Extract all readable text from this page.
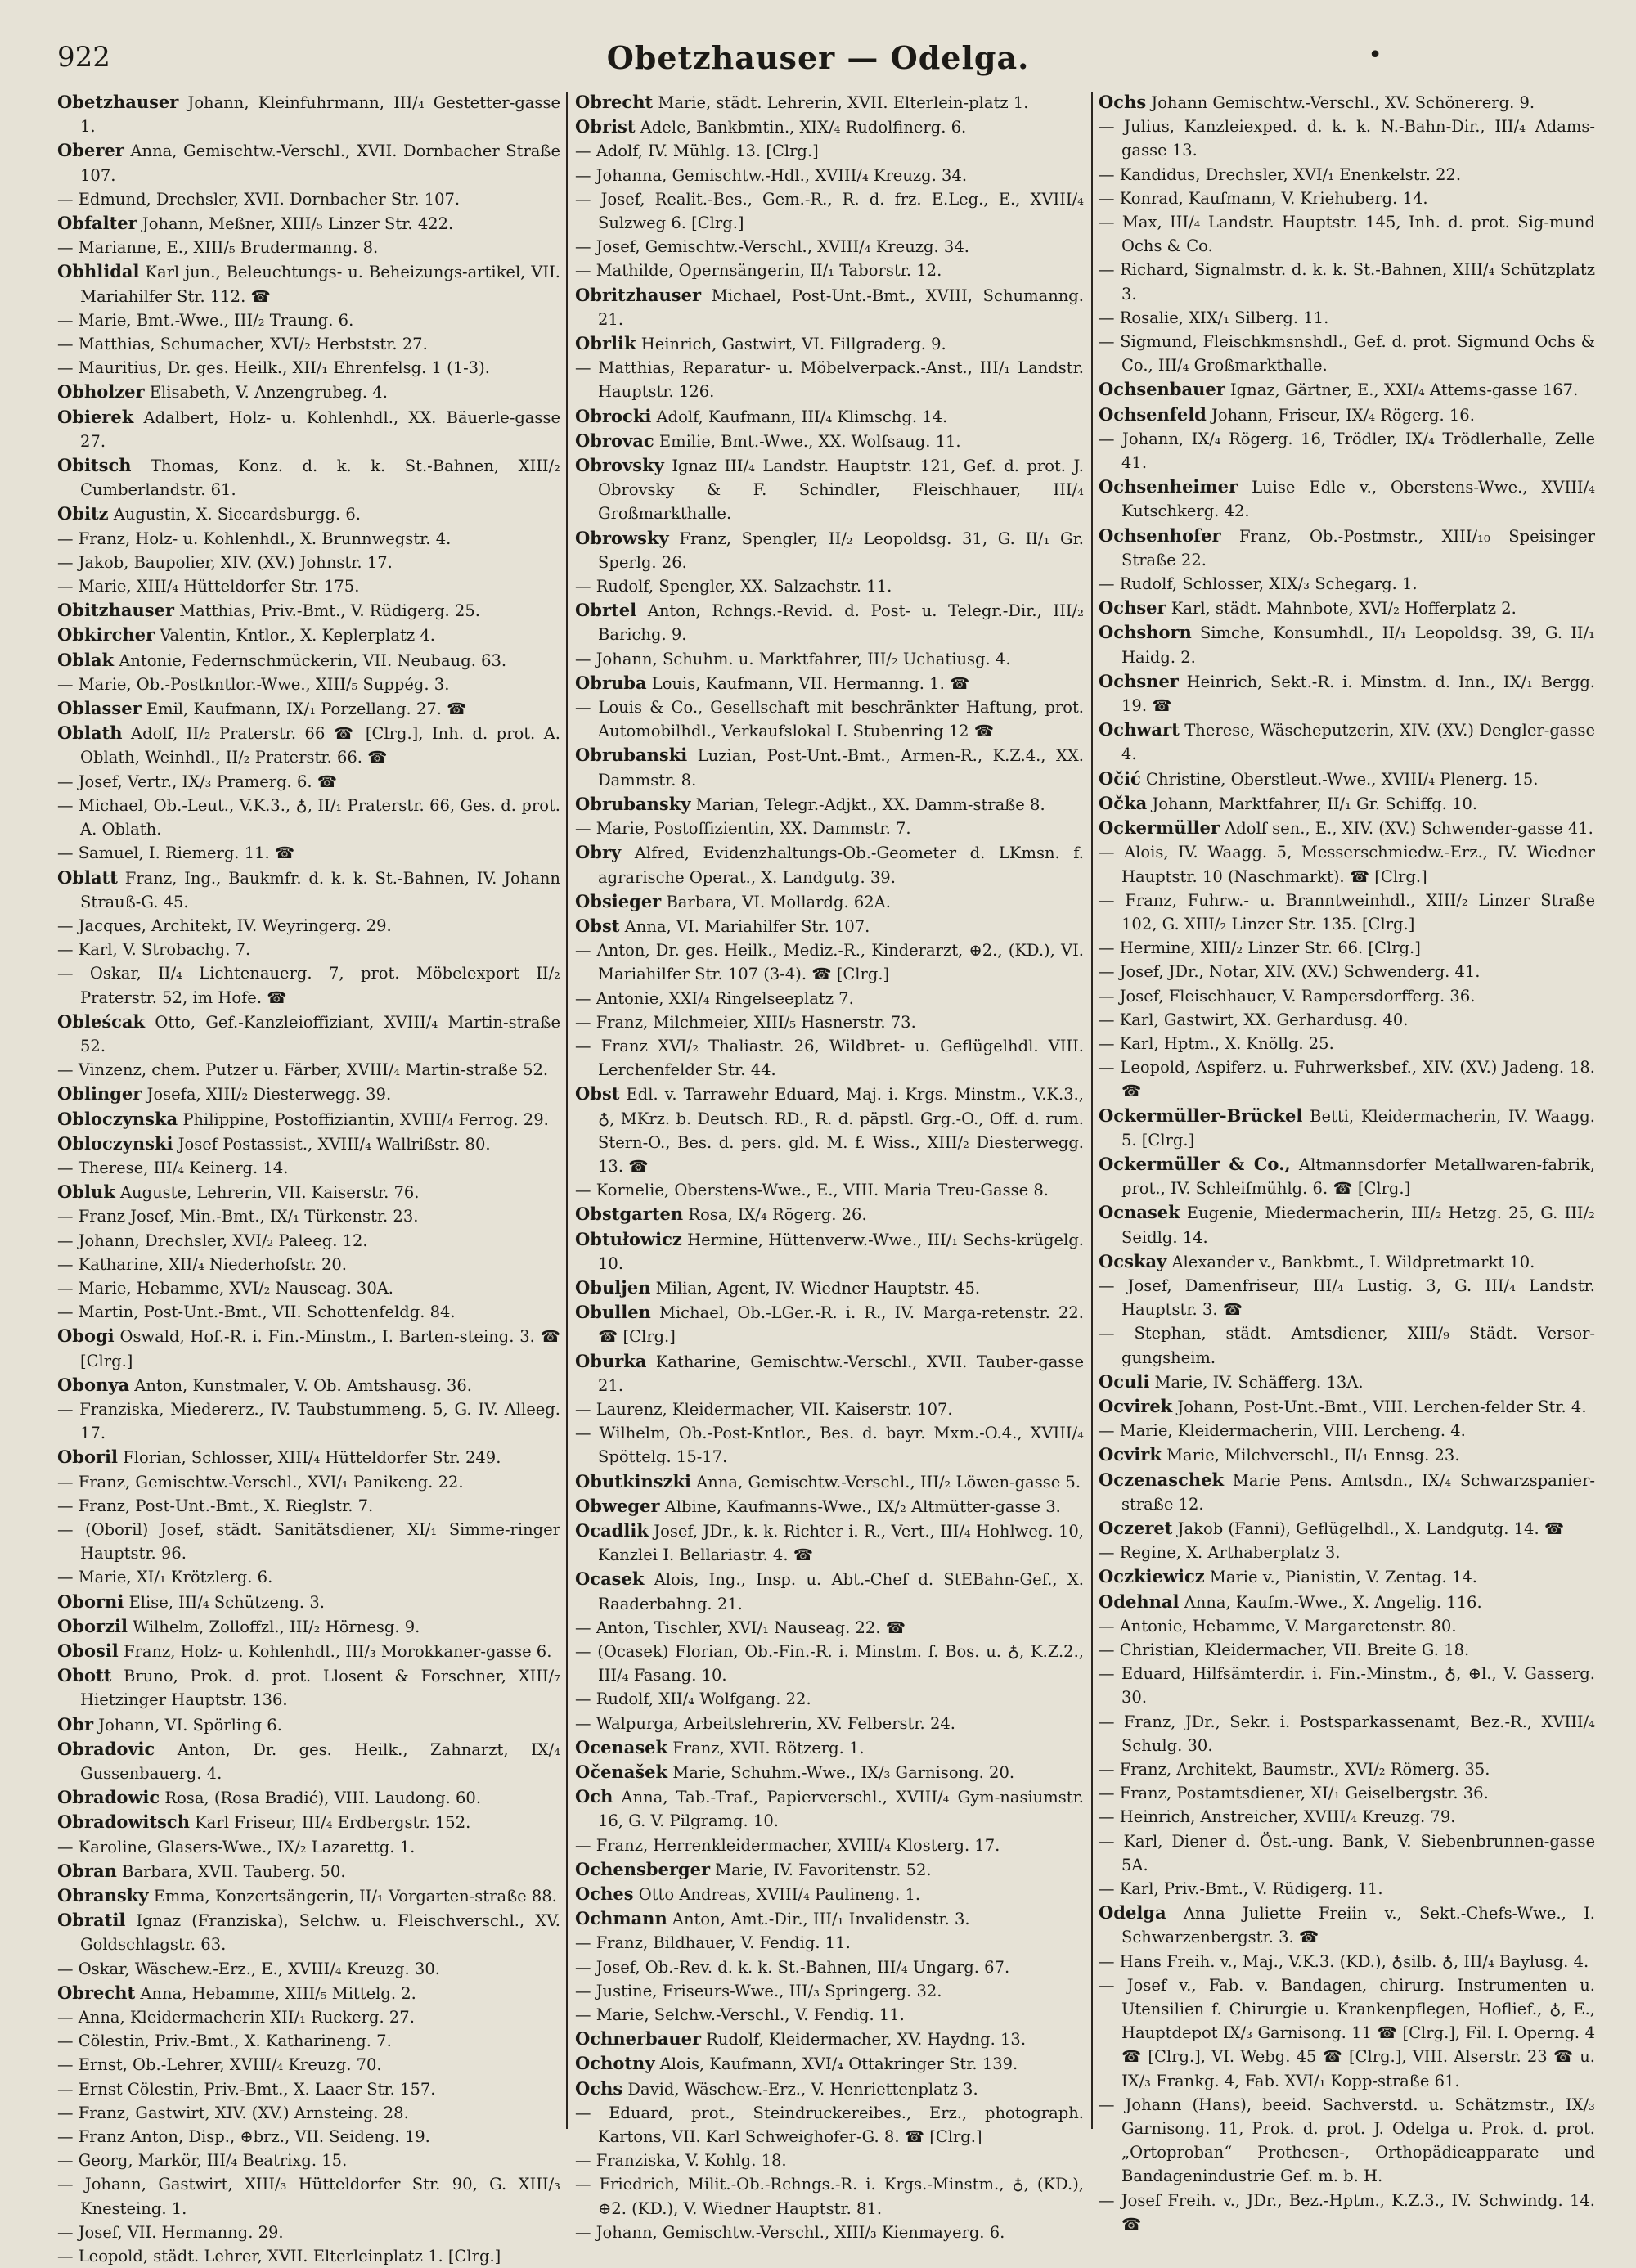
922	Obetzhauser — Odelga.	•
Obetzhauser Johann, Kleinfuhrmann, III/₄ Gestetter-gasse 1.
Oberer Anna, Gemischtw.-Verschl., XVII. Dornbacher Straße 107.
— Edmund, Drechsler, XVII. Dornbacher Str. 107.
Obfalter Johann, Meßner, XIII/₅ Linzer Str. 422.
— Marianne, E., XIII/₅ Brudermanng. 8.
Obhlidal Karl jun., Beleuchtungs- u. Beheizungs-artikel, VII. Mariahilfer Str. 112. ☎
— Marie, Bmt.-Wwe., III/₂ Traung. 6.
— Matthias, Schumacher, XVI/₂ Herbststr. 27.
— Mauritius, Dr. ges. Heilk., XII/₁ Ehrenfelsg. 1 (1-3).
Obholzer Elisabeth, V. Anzengrubeg. 4.
Obierek Adalbert, Holz- u. Kohlenhdl., XX. Bäuerle-gasse 27.
Obitsch Thomas, Konz. d. k. k. St.-Bahnen, XIII/₂ Cumberlandstr. 61.
Obitz Augustin, X. Siccardsburgg. 6.
— Franz, Holz- u. Kohlenhdl., X. Brunnwegstr. 4.
— Jakob, Baupolier, XIV. (XV.) Johnstr. 17.
— Marie, XIII/₄ Hütteldorfer Str. 175.
Obitzhauser Matthias, Priv.-Bmt., V. Rüdigerg. 25.
Obkircher Valentin, Kntlor., X. Keplerplatz 4.
Oblak Antonie, Federnschmückerin, VII. Neubaug. 63.
— Marie, Ob.-Postkntlor.-Wwe., XIII/₅ Suppég. 3.
Oblasser Emil, Kaufmann, IX/₁ Porzellang. 27. ☎
Oblath Adolf, II/₂ Praterstr. 66 ☎ [Clrg.], Inh. d. prot. A. Oblath, Weinhdl., II/₂ Praterstr. 66. ☎
— Josef, Vertr., IX/₃ Pramerg. 6. ☎
— Michael, Ob.-Leut., V.K.3., ♁, II/₁ Praterstr. 66, Ges. d. prot. A. Oblath.
— Samuel, I. Riemerg. 11. ☎
Oblatt Franz, Ing., Baukmfr. d. k. k. St.-Bahnen, IV. Johann Strauß-G. 45.
— Jacques, Architekt, IV. Weyringerg. 29.
— Karl, V. Strobachg. 7.
— Oskar, II/₄ Lichtenauerg. 7, prot. Möbelexport II/₂ Praterstr. 52, im Hofe. ☎
Obleścak Otto, Gef.-Kanzleioffiziant, XVIII/₄ Martin-straße 52.
— Vinzenz, chem. Putzer u. Färber, XVIII/₄ Martin-straße 52.
Oblinger Josefa, XIII/₂ Diesterwegg. 39.
Obloczynska Philippine, Postoffiziantin, XVIII/₄ Ferrog. 29.
Obloczynski Josef Postassist., XVIII/₄ Wallrißstr. 80.
— Therese, III/₄ Keinerg. 14.
Obluk Auguste, Lehrerin, VII. Kaiserstr. 76.
— Franz Josef, Min.-Bmt., IX/₁ Türkenstr. 23.
— Johann, Drechsler, XVI/₂ Paleeg. 12.
— Katharine, XII/₄ Niederhofstr. 20.
— Marie, Hebamme, XVI/₂ Nauseag. 30A.
— Martin, Post-Unt.-Bmt., VII. Schottenfeldg. 84.
Obogi Oswald, Hof.-R. i. Fin.-Minstm., I. Barten-steing. 3. ☎ [Clrg.]
Obonya Anton, Kunstmaler, V. Ob. Amtshausg. 36.
— Franziska, Miedererz., IV. Taubstummeng. 5, G. IV. Alleeg. 17.
Oboril Florian, Schlosser, XIII/₄ Hütteldorfer Str. 249.
— Franz, Gemischtw.-Verschl., XVI/₁ Panikeng. 22.
— Franz, Post-Unt.-Bmt., X. Rieglstr. 7.
— (Oboril) Josef, städt. Sanitätsdiener, XI/₁ Simme-ringer Hauptstr. 96.
— Marie, XI/₁ Krötzlerg. 6.
Oborni Elise, III/₄ Schützeng. 3.
Oborzil Wilhelm, Zolloffzl., III/₂ Hörnesg. 9.
Obosil Franz, Holz- u. Kohlenhdl., III/₃ Morokkaner-gasse 6.
Obott Bruno, Prok. d. prot. Llosent & Forschner, XIII/₇ Hietzinger Hauptstr. 136.
Obr Johann, VI. Spörling 6.
Obradovic Anton, Dr. ges. Heilk., Zahnarzt, IX/₄ Gussenbauerg. 4.
Obradowic Rosa, (Rosa Bradić), VIII. Laudong. 60.
Obradowitsch Karl Friseur, III/₄ Erdbergstr. 152.
— Karoline, Glasers-Wwe., IX/₂ Lazarettg. 1.
Obran Barbara, XVII. Tauberg. 50.
Obransky Emma, Konzertsängerin, II/₁ Vorgarten-straße 88.
Obratil Ignaz (Franziska), Selchw. u. Fleischverschl., XV. Goldschlagstr. 63.
— Oskar, Wäschew.-Erz., E., XVIII/₄ Kreuzg. 30.
Obrecht Anna, Hebamme, XIII/₅ Mittelg. 2.
— Anna, Kleidermacherin XII/₁ Ruckerg. 27.
— Cölestin, Priv.-Bmt., X. Katharineng. 7.
— Ernst, Ob.-Lehrer, XVIII/₄ Kreuzg. 70.
— Ernst Cölestin, Priv.-Bmt., X. Laaer Str. 157.
— Franz, Gastwirt, XIV. (XV.) Arnsteing. 28.
— Franz Anton, Disp., ⊕brz., VII. Seideng. 19.
— Georg, Markör, III/₄ Beatrixg. 15.
— Johann, Gastwirt, XIII/₃ Hütteldorfer Str. 90, G. XIII/₃ Knesteing. 1.
— Josef, VII. Hermanng. 29.
— Leopold, städt. Lehrer, XVII. Elterleinplatz 1. [Clrg.]
Obrecht Marie, städt. Lehrerin, XVII. Elterlein-platz 1.
Obrist Adele, Bankbmtin., XIX/₄ Rudolfinerg. 6.
— Adolf, IV. Mühlg. 13. [Clrg.]
— Johanna, Gemischtw.-Hdl., XVIII/₄ Kreuzg. 34.
— Josef, Realit.-Bes., Gem.-R., R. d. frz. E.Leg., E., XVIII/₄ Sulzweg 6. [Clrg.]
— Josef, Gemischtw.-Verschl., XVIII/₄ Kreuzg. 34.
— Mathilde, Opernsängerin, II/₁ Taborstr. 12.
Obritzhauser Michael, Post-Unt.-Bmt., XVIII, Schumanng. 21.
Obrlik Heinrich, Gastwirt, VI. Fillgraderg. 9.
— Matthias, Reparatur- u. Möbelverpack.-Anst., III/₁ Landstr. Hauptstr. 126.
Obrocki Adolf, Kaufmann, III/₄ Klimschg. 14.
Obrovac Emilie, Bmt.-Wwe., XX. Wolfsaug. 11.
Obrovsky Ignaz III/₄ Landstr. Hauptstr. 121, Gef. d. prot. J. Obrovsky & F. Schindler, Fleischhauer, III/₄ Großmarkthalle.
Obrowsky Franz, Spengler, II/₂ Leopoldsg. 31, G. II/₁ Gr. Sperlg. 26.
— Rudolf, Spengler, XX. Salzachstr. 11.
Obrtel Anton, Rchngs.-Revid. d. Post- u. Telegr.-Dir., III/₂ Barichg. 9.
— Johann, Schuhm. u. Marktfahrer, III/₂ Uchatiusg. 4.
Obruba Louis, Kaufmann, VII. Hermanng. 1. ☎
— Louis & Co., Gesellschaft mit beschränkter Haftung, prot. Automobilhdl., Verkaufslokal I. Stubenring 12 ☎
Obrubanski Luzian, Post-Unt.-Bmt., Armen-R., K.Z.4., XX. Dammstr. 8.
Obrubansky Marian, Telegr.-Adjkt., XX. Damm-straße 8.
— Marie, Postoffizientin, XX. Dammstr. 7.
Obry Alfred, Evidenzhaltungs-Ob.-Geometer d. LKmsn. f. agrarische Operat., X. Landgutg. 39.
Obsieger Barbara, VI. Mollardg. 62A.
Obst Anna, VI. Mariahilfer Str. 107.
— Anton, Dr. ges. Heilk., Mediz.-R., Kinderarzt, ⊕2., (KD.), VI. Mariahilfer Str. 107 (3-4). ☎ [Clrg.]
— Antonie, XXI/₄ Ringelseeplatz 7.
— Franz, Milchmeier, XIII/₅ Hasnerstr. 73.
— Franz XVI/₂ Thaliastr. 26, Wildbret- u. Geflügelhdl. VIII. Lerchenfelder Str. 44.
Obst Edl. v. Tarrawehr Eduard, Maj. i. Krgs. Minstm., V.K.3., ♁, MKrz. b. Deutsch. RD., R. d. päpstl. Grg.-O., Off. d. rum. Stern-O., Bes. d. pers. gld. M. f. Wiss., XIII/₂ Diesterwegg. 13. ☎
— Kornelie, Oberstens-Wwe., E., VIII. Maria Treu-Gasse 8.
Obstgarten Rosa, IX/₄ Rögerg. 26.
Obtułowicz Hermine, Hüttenverw.-Wwe., III/₁ Sechs-krügelg. 10.
Obuljen Milian, Agent, IV. Wiedner Hauptstr. 45.
Obullen Michael, Ob.-LGer.-R. i. R., IV. Marga-retenstr. 22. ☎ [Clrg.]
Oburka Katharine, Gemischtw.-Verschl., XVII. Tauber-gasse 21.
— Laurenz, Kleidermacher, VII. Kaiserstr. 107.
— Wilhelm, Ob.-Post-Kntlor., Bes. d. bayr. Mxm.-O.4., XVIII/₄ Spöttelg. 15-17.
Obutkinszki Anna, Gemischtw.-Verschl., III/₂ Löwen-gasse 5.
Obweger Albine, Kaufmanns-Wwe., IX/₂ Altmütter-gasse 3.
Ocadlik Josef, JDr., k. k. Richter i. R., Vert., III/₄ Hohlweg. 10, Kanzlei I. Bellariastr. 4. ☎
Ocasek Alois, Ing., Insp. u. Abt.-Chef d. StEBahn-Gef., X. Raaderbahng. 21.
— Anton, Tischler, XVI/₁ Nauseag. 22. ☎
— (Ocasek) Florian, Ob.-Fin.-R. i. Minstm. f. Bos. u. ♁, K.Z.2., III/₄ Fasang. 10.
— Rudolf, XII/₄ Wolfgang. 22.
— Walpurga, Arbeitslehrerin, XV. Felberstr. 24.
Ocenasek Franz, XVII. Rötzerg. 1.
Očenašek Marie, Schuhm.-Wwe., IX/₃ Garnisong. 20.
Och Anna, Tab.-Traf., Papierverschl., XVIII/₄ Gym-nasiumstr. 16, G. V. Pilgramg. 10.
— Franz, Herrenkleidermacher, XVIII/₄ Klosterg. 17.
Ochensberger Marie, IV. Favoritenstr. 52.
Oches Otto Andreas, XVIII/₄ Paulineng. 1.
Ochmann Anton, Amt.-Dir., III/₁ Invalidenstr. 3.
— Franz, Bildhauer, V. Fendig. 11.
— Josef, Ob.-Rev. d. k. k. St.-Bahnen, III/₄ Ungarg. 67.
— Justine, Friseurs-Wwe., III/₃ Springerg. 32.
— Marie, Selchw.-Verschl., V. Fendig. 11.
Ochnerbauer Rudolf, Kleidermacher, XV. Haydng. 13.
Ochotny Alois, Kaufmann, XVI/₄ Ottakringer Str. 139.
Ochs David, Wäschew.-Erz., V. Henriettenplatz 3.
— Eduard, prot., Steindruckereibes., Erz., photograph. Kartons, VII. Karl Schweighofer-G. 8. ☎ [Clrg.]
— Franziska, V. Kohlg. 18.
— Friedrich, Milit.-Ob.-Rchngs.-R. i. Krgs.-Minstm., ♁, (KD.), ⊕2. (KD.), V. Wiedner Hauptstr. 81.
— Johann, Gemischtw.-Verschl., XIII/₃ Kienmayerg. 6.
Ochs Johann Gemischtw.-Verschl., XV. Schönererg. 9.
— Julius, Kanzleiexped. d. k. k. N.-Bahn-Dir., III/₄ Adams-gasse 13.
— Kandidus, Drechsler, XVI/₁ Enenkelstr. 22.
— Konrad, Kaufmann, V. Kriehuberg. 14.
— Max, III/₄ Landstr. Hauptstr. 145, Inh. d. prot. Sig-mund Ochs & Co.
— Richard, Signalmstr. d. k. k. St.-Bahnen, XIII/₄ Schützplatz 3.
— Rosalie, XIX/₁ Silberg. 11.
— Sigmund, Fleischkmsnshdl., Gef. d. prot. Sigmund Ochs & Co., III/₄ Großmarkthalle.
Ochsenbauer Ignaz, Gärtner, E., XXI/₄ Attems-gasse 167.
Ochsenfeld Johann, Friseur, IX/₄ Rögerg. 16.
— Johann, IX/₄ Rögerg. 16, Trödler, IX/₄ Trödlerhalle, Zelle 41.
Ochsenheimer Luise Edle v., Oberstens-Wwe., XVIII/₄ Kutschkerg. 42.
Ochsenhofer Franz, Ob.-Postmstr., XIII/₁₀ Speisinger Straße 22.
— Rudolf, Schlosser, XIX/₃ Schegarg. 1.
Ochser Karl, städt. Mahnbote, XVI/₂ Hofferplatz 2.
Ochshorn Simche, Konsumhdl., II/₁ Leopoldsg. 39, G. II/₁ Haidg. 2.
Ochsner Heinrich, Sekt.-R. i. Minstm. d. Inn., IX/₁ Bergg. 19. ☎
Ochwart Therese, Wäscheputzerin, XIV. (XV.) Dengler-gasse 4.
Očić Christine, Oberstleut.-Wwe., XVIII/₄ Plenerg. 15.
Očka Johann, Marktfahrer, II/₁ Gr. Schiffg. 10.
Ockermüller Adolf sen., E., XIV. (XV.) Schwender-gasse 41.
— Alois, IV. Waagg. 5, Messerschmiedw.-Erz., IV. Wiedner Hauptstr. 10 (Naschmarkt). ☎ [Clrg.]
— Franz, Fuhrw.- u. Branntweinhdl., XIII/₂ Linzer Straße 102, G. XIII/₂ Linzer Str. 135. [Clrg.]
— Hermine, XIII/₂ Linzer Str. 66. [Clrg.]
— Josef, JDr., Notar, XIV. (XV.) Schwenderg. 41.
— Josef, Fleischhauer, V. Rampersdorfferg. 36.
— Karl, Gastwirt, XX. Gerhardusg. 40.
— Karl, Hptm., X. Knöllg. 25.
— Leopold, Aspiferz. u. Fuhrwerksbef., XIV. (XV.) Jadeng. 18. ☎
Ockermüller-Brückel Betti, Kleidermacherin, IV. Waagg. 5. [Clrg.]
Ockermüller & Co., Altmannsdorfer Metallwaren-fabrik, prot., IV. Schleifmühlg. 6. ☎ [Clrg.]
Ocnasek Eugenie, Miedermacherin, III/₂ Hetzg. 25, G. III/₂ Seidlg. 14.
Ocskay Alexander v., Bankbmt., I. Wildpretmarkt 10.
— Josef, Damenfriseur, III/₄ Lustig. 3, G. III/₄ Landstr. Hauptstr. 3. ☎
— Stephan, städt. Amtsdiener, XIII/₉ Städt. Versor-gungsheim.
Oculi Marie, IV. Schäfferg. 13A.
Ocvirek Johann, Post-Unt.-Bmt., VIII. Lerchen-felder Str. 4.
— Marie, Kleidermacherin, VIII. Lercheng. 4.
Ocvirk Marie, Milchverschl., II/₁ Ennsg. 23.
Oczenaschek Marie Pens. Amtsdn., IX/₄ Schwarzspanier-straße 12.
Oczeret Jakob (Fanni), Geflügelhdl., X. Landgutg. 14. ☎
— Regine, X. Arthaberplatz 3.
Oczkiewicz Marie v., Pianistin, V. Zentag. 14.
Odehnal Anna, Kaufm.-Wwe., X. Angelig. 116.
— Antonie, Hebamme, V. Margaretenstr. 80.
— Christian, Kleidermacher, VII. Breite G. 18.
— Eduard, Hilfsämterdir. i. Fin.-Minstm., ♁, ⊕l., V. Gasserg. 30.
— Franz, JDr., Sekr. i. Postsparkassenamt, Bez.-R., XVIII/₄ Schulg. 30.
— Franz, Architekt, Baumstr., XVI/₂ Römerg. 35.
— Franz, Postamtsdiener, XI/₁ Geiselbergstr. 36.
— Heinrich, Anstreicher, XVIII/₄ Kreuzg. 79.
— Karl, Diener d. Öst.-ung. Bank, V. Siebenbrunnen-gasse 5A.
— Karl, Priv.-Bmt., V. Rüdigerg. 11.
Odelga Anna Juliette Freiin v., Sekt.-Chefs-Wwe., I. Schwarzenbergstr. 3. ☎
— Hans Freih. v., Maj., V.K.3. (KD.), ♁silb. ♁, III/₄ Baylusg. 4.
— Josef v., Fab. v. Bandagen, chirurg. Instrumenten u. Utensilien f. Chirurgie u. Krankenpflegen, Hoflief., ♁, E., Hauptdepot IX/₃ Garnisong. 11 ☎ [Clrg.], Fil. I. Operng. 4 ☎ [Clrg.], VI. Webg. 45 ☎ [Clrg.], VIII. Alserstr. 23 ☎ u. IX/₃ Frankg. 4, Fab. XVI/₁ Kopp-straße 61.
— Johann (Hans), beeid. Sachverstd. u. Schätzmstr., IX/₃ Garnisong. 11, Prok. d. prot. J. Odelga u. Prok. d. prot. „Ortoproban“ Prothesen-, Orthopädieapparate und Bandagenindustrie Gef. m. b. H.
— Josef Freih. v., JDr., Bez.-Hptm., K.Z.3., IV. Schwindg. 14. ☎
